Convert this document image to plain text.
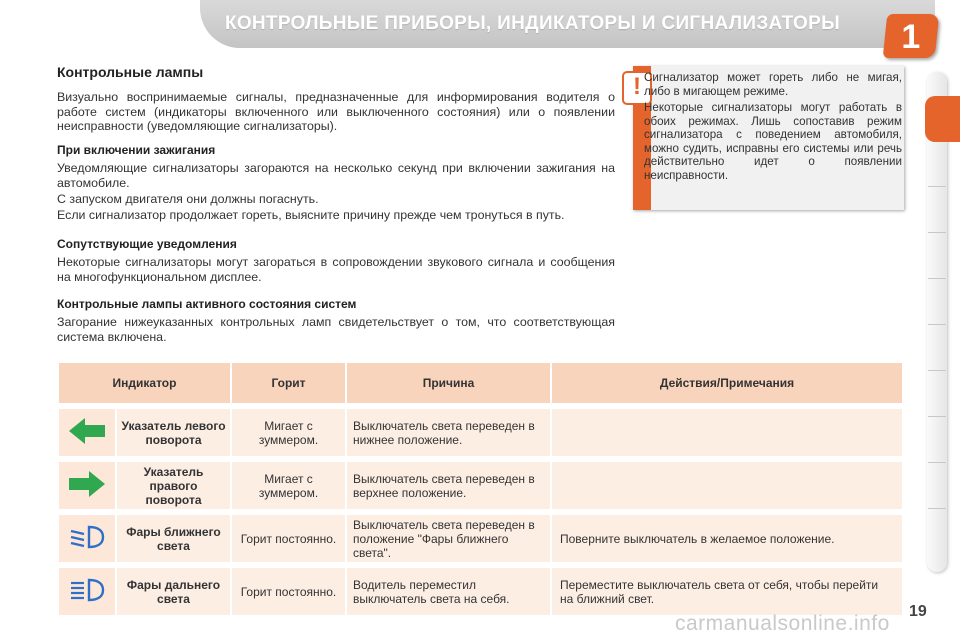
КОНТРОЛЬНЫЕ ПРИБОРЫ, ИНДИКАТОРЫ И СИГНАЛИЗАТОРЫ	1
Контрольные лампы

Визуально воспринимаемые сигналы, предназначенные для информирования водителя о работе систем (индикаторы включенного или выключенного состояния) или о появлении неисправности (уведомляющие сигнализаторы).

При включении зажигания

Уведомляющие сигнализаторы загораются на несколько секунд при включении зажигания на автомобиле.

С запуском двигателя они должны погаснуть.

Если сигнализатор продолжает гореть, выясните причину прежде чем тронуться в путь.

Сопутствующие уведомления

Некоторые сигнализаторы могут загораться в сопровождении звукового сигнала и сообщения на многофункциональном дисплее.

Контрольные лампы активного состояния систем

Загорание нижеуказанных контрольных ламп свидетельствует о том, что соответствующая система включена.

! Сигнализатор может гореть либо не мигая, либо в мигающем режиме.

Некоторые сигнализаторы могут работать в обоих режимах. Лишь сопоставив режим сигнализатора с поведением автомобиля, можно судить, исправны его системы или речь действительно идет о появлении неисправности.

Индикатор		Горит	Причина	Действия/Примечания

	Указатель левого поворота	Мигает с зуммером.	Выключатель света переведен в нижнее положение.	

	Указатель правого поворота	Мигает с зуммером.	Выключатель света переведен в верхнее положение.	

	Фары ближнего света	Горит постоянно.	Выключатель света переведен в положение "Фары ближнего света".	Поверните выключатель в желаемое положение.

	Фары дальнего света	Горит постоянно.	Водитель переместил выключатель света на себя.	Переместите выключатель света от себя, чтобы перейти на ближний свет.
carmanualsonline.info
19
